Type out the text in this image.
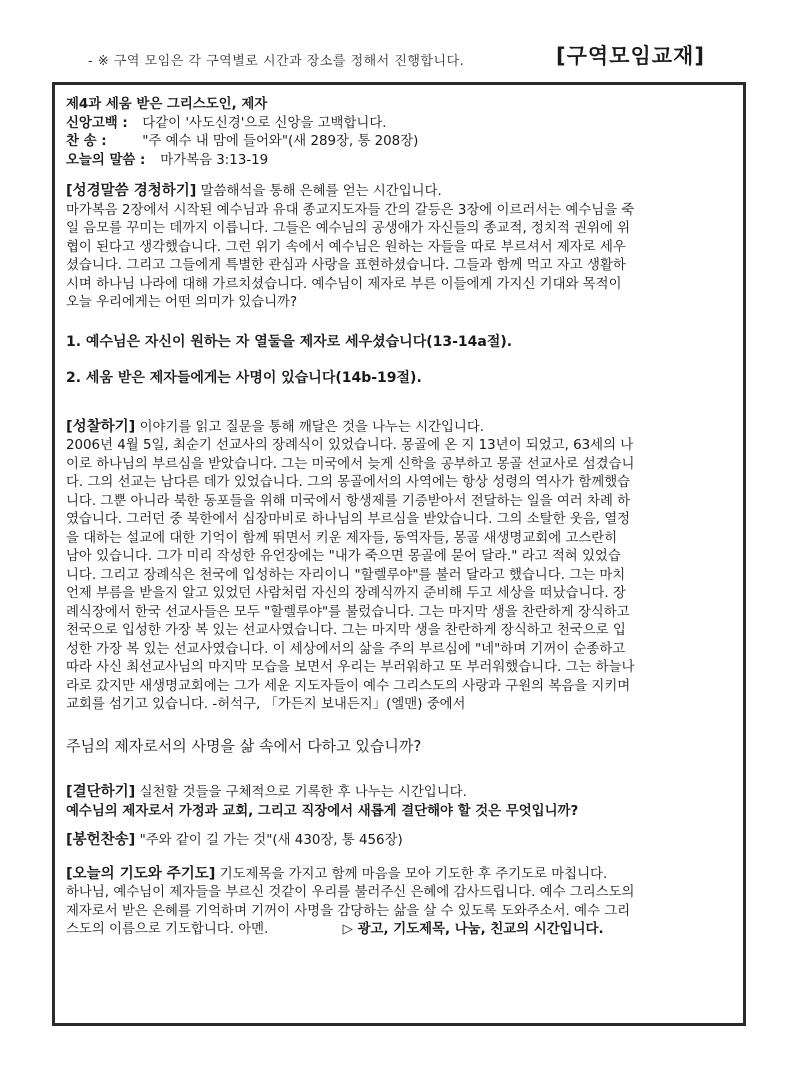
- ※ 구역 모임은 각 구역별로 시간과 장소를 정해서 진행합니다.	[구역모임교재]

제4과 세움 받은 그리스도인, 제자

신앙고백 : 다같이 '사도신경'으로 신앙을 고백합니다.

찬 송 :	"주 예수 내 맘에 들어와"(새 289장, 통 208장)

오늘의 말씀 : 마가복음 3:13-19

[성경말씀 경청하기] 말씀해석을 통해 은혜를 얻는 시간입니다.

마가복음 2장에서 시작된 예수님과 유대 종교지도자들 간의 갈등은 3장에 이르러서는 예수님을 죽

일 음모를 꾸미는 데까지 이릅니다. 그들은 예수님의 공생애가 자신들의 종교적, 정치적 권위에 위

협이 된다고 생각했습니다. 그런 위기 속에서 예수님은 원하는 자들을 따로 부르셔서 제자로 세우

셨습니다. 그리고 그들에게 특별한 관심과 사랑을 표현하셨습니다. 그들과 함께 먹고 자고 생활하

시며 하나님 나라에 대해 가르치셨습니다. 예수님이 제자로 부른 이들에게 가지신 기대와 목적이

오늘 우리에게는 어떤 의미가 있습니까?

1. 예수님은 자신이 원하는 자 열둘을 제자로 세우셨습니다(13-14a절).

2. 세움 받은 제자들에게는 사명이 있습니다(14b-19절).

[성찰하기] 이야기를 읽고 질문을 통해 깨달은 것을 나누는 시간입니다.

2006년 4월 5일, 최순기 선교사의 장례식이 있었습니다. 몽골에 온 지 13년이 되었고, 63세의 나

이로 하나님의 부르심을 받았습니다. 그는 미국에서 늦게 신학을 공부하고 몽골 선교사로 섬겼습니

다. 그의 선교는 남다른 데가 있었습니다. 그의 몽골에서의 사역에는 항상 성령의 역사가 함께했습

니다. 그뿐 아니라 북한 동포들을 위해 미국에서 항생제를 기증받아서 전달하는 일을 여러 차례 하

였습니다. 그러던 중 북한에서 심장마비로 하나님의 부르심을 받았습니다. 그의 소탈한 웃음, 열정

을 대하는 설교에 대한 기억이 함께 뛰면서 키운 제자들, 동역자들, 몽골 새생명교회에 고스란히

남아 있습니다. 그가 미리 작성한 유언장에는 "내가 죽으면 몽골에 묻어 달라." 라고 적혀 있었습

니다. 그리고 장례식은 천국에 입성하는 자리이니 "할렐루야"를 불러 달라고 했습니다. 그는 마치

언제 부름을 받을지 알고 있었던 사람처럼 자신의 장례식까지 준비해 두고 세상을 떠났습니다. 장

례식장에서 한국 선교사들은 모두 "할렐루야"를 불렀습니다. 그는 마지막 생을 찬란하게 장식하고

천국으로 입성한 가장 복 있는 선교사였습니다. 그는 마지막 생을 찬란하게 장식하고 천국으로 입

성한 가장 복 있는 선교사였습니다. 이 세상에서의 삶을 주의 부르심에 "네"하며 기꺼이 순종하고

따라 사신 최선교사님의 마지막 모습을 보면서 우리는 부러워하고 또 부러워했습니다. 그는 하늘나

라로 갔지만 새생명교회에는 그가 세운 지도자들이 예수 그리스도의 사랑과 구원의 복음을 지키며

교회를 섬기고 있습니다. -허석구, 「가든지 보내든지」(엘맨) 중에서

주님의 제자로서의 사명을 삶 속에서 다하고 있습니까?

[결단하기] 실천할 것들을 구체적으로 기록한 후 나누는 시간입니다.

예수님의 제자로서 가정과 교회, 그리고 직장에서 새롭게 결단해야 할 것은 무엇입니까?

[봉헌찬송] "주와 같이 길 가는 것"(새 430장, 통 456장)

[오늘의 기도와 주기도] 기도제목을 가지고 함께 마음을 모아 기도한 후 주기도로 마칩니다.

하나님, 예수님이 제자들을 부르신 것같이 우리를 불러주신 은혜에 감사드립니다. 예수 그리스도의

제자로서 받은 은혜를 기억하며 기꺼이 사명을 감당하는 삶을 살 수 있도록 도와주소서. 예수 그리

스도의 이름으로 기도합니다. 아멘.	▷ 광고, 기도제목, 나눔, 친교의 시간입니다.
